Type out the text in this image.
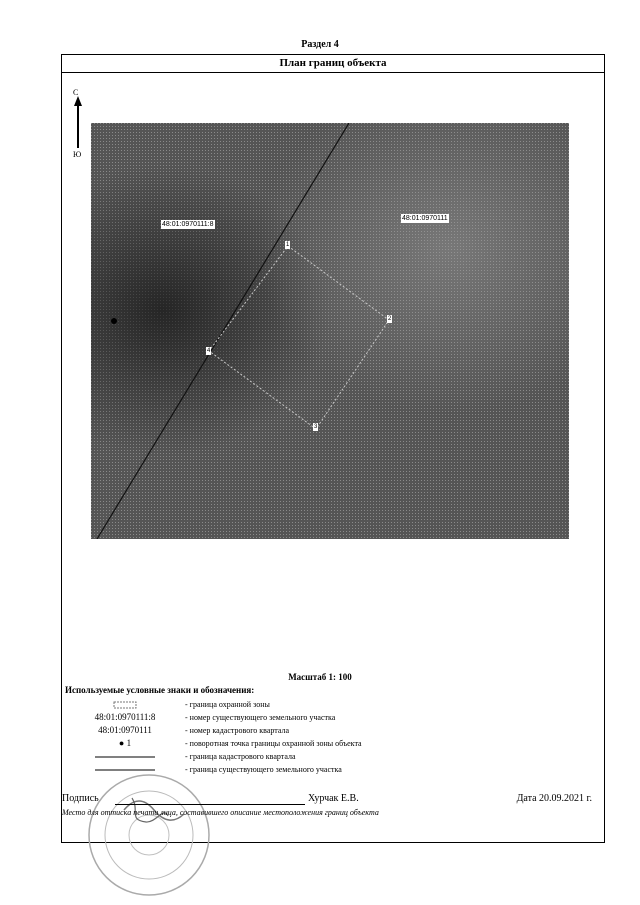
Раздел 4
План границ объекта
С
Ю
48:01:0970111:8
48:01:0970111
1
2
3
4
Масштаб 1: 100
Используемые условные знаки и обозначения:
- граница охранной зоны
48:01:0970111:8	- номер существующего земельного участка
48:01:0970111	- номер кадастрового квартала
● 1	- поворотная точка границы охранной зоны объекта
- граница кадастрового квартала
- граница существующего земельного участка
Подпись	Хурчак Е.В.	Дата 20.09.2021 г.
Место для оттиска печати лица, составившего описание местоположения границ объекта
